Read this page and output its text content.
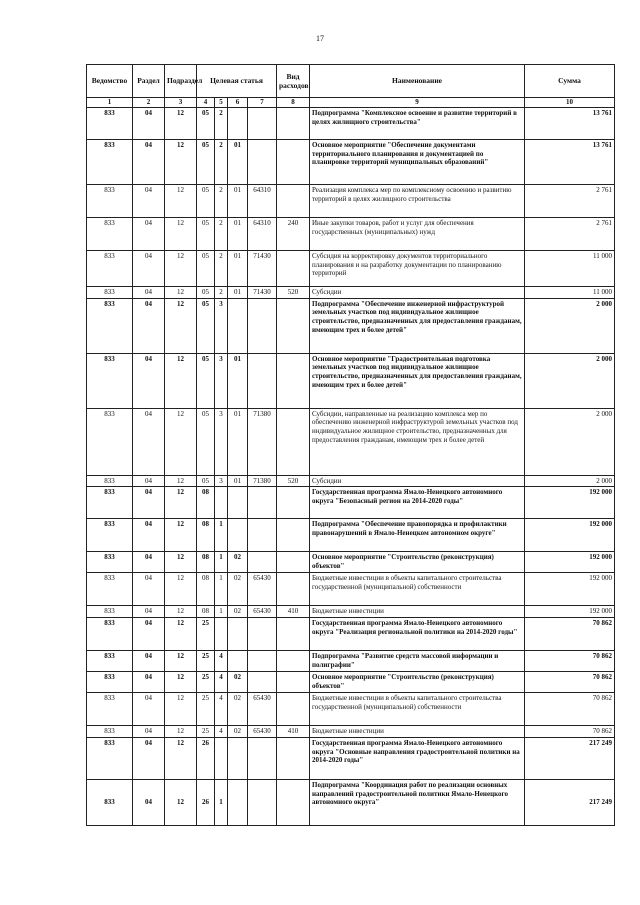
17
Ведомство	Раздел	Подраздел	Целевая статья				Вид расходов	Наименование	Сумма
1	2	3	4	5	6	7	8	9	10
833	04	12	05	2				Подпрограмма "Комплексное освоение и развитие территорий в целях жилищного строительства"	13 761
833	04	12	05	2	01			Основное мероприятие "Обеспечение документами территориального планирования и документацией по планировке территорий муниципальных образований"	13 761
833	04	12	05	2	01	64310		Реализация комплекса мер по комплексному освоению и развитию территорий в целях жилищного строительства	2 761
833	04	12	05	2	01	64310	240	Иные закупки товаров, работ и услуг для обеспечения государственных (муниципальных) нужд	2 761
833	04	12	05	2	01	71430		Субсидия на корректировку документов территориального планирования и на разработку документации по планированию территорий	11 000
833	04	12	05	2	01	71430	520	Субсидии	11 000
833	04	12	05	3				Подпрограмма "Обеспечение инженерной инфраструктурой земельных участков под индивидуальное жилищное строительство, предназначенных для предоставления гражданам, имеющим трех и более детей"	2 000
833	04	12	05	3	01			Основное мероприятие "Градостроительная подготовка земельных участков под индивидуальное жилищное строительство, предназначенных для предоставления гражданам, имеющим трех и более детей"	2 000
833	04	12	05	3	01	71380		Субсидии, направленные на реализацию комплекса мер по обеспечению инженерной инфраструктурой земельных участков под индивидуальное жилищное строительство, предназначенных для предоставления гражданам, имеющим трех и более детей	2 000
833	04	12	05	3	01	71380	520	Субсидии	2 000
833	04	12	08					Государственная программа Ямало-Ненецкого автономного округа "Безопасный регион на 2014-2020 годы"	192 000
833	04	12	08	1				Подпрограмма "Обеспечение правопорядка и профилактики правонарушений в Ямало-Ненецком автономном округе"	192 000
833	04	12	08	1	02			Основное мероприятие "Строительство (реконструкция) объектов"	192 000
833	04	12	08	1	02	65430		Бюджетные инвестиции в объекты капитального строительства государственной (муниципальной) собственности	192 000
833	04	12	08	1	02	65430	410	Бюджетные инвестиции	192 000
833	04	12	25					Государственная программа Ямало-Ненецкого автономного округа "Реализация региональной политики на 2014-2020 годы"	70 862
833	04	12	25	4				Подпрограмма "Развитие средств массовой информации и полиграфии"	70 862
833	04	12	25	4	02			Основное мероприятие "Строительство (реконструкция) объектов"	70 862
833	04	12	25	4	02	65430		Бюджетные инвестиции в объекты капитального строительства государственной (муниципальной) собственности	70 862
833	04	12	25	4	02	65430	410	Бюджетные инвестиции	70 862
833	04	12	26					Государственная программа Ямало-Ненецкого автономного округа "Основные направления градостроительной политики на 2014-2020 годы"	217 249
833	04	12	26	1				Подпрограмма "Координация работ по реализации основных направлений градостроительной политики Ямало-Ненецкого автономного округа"	217 249
